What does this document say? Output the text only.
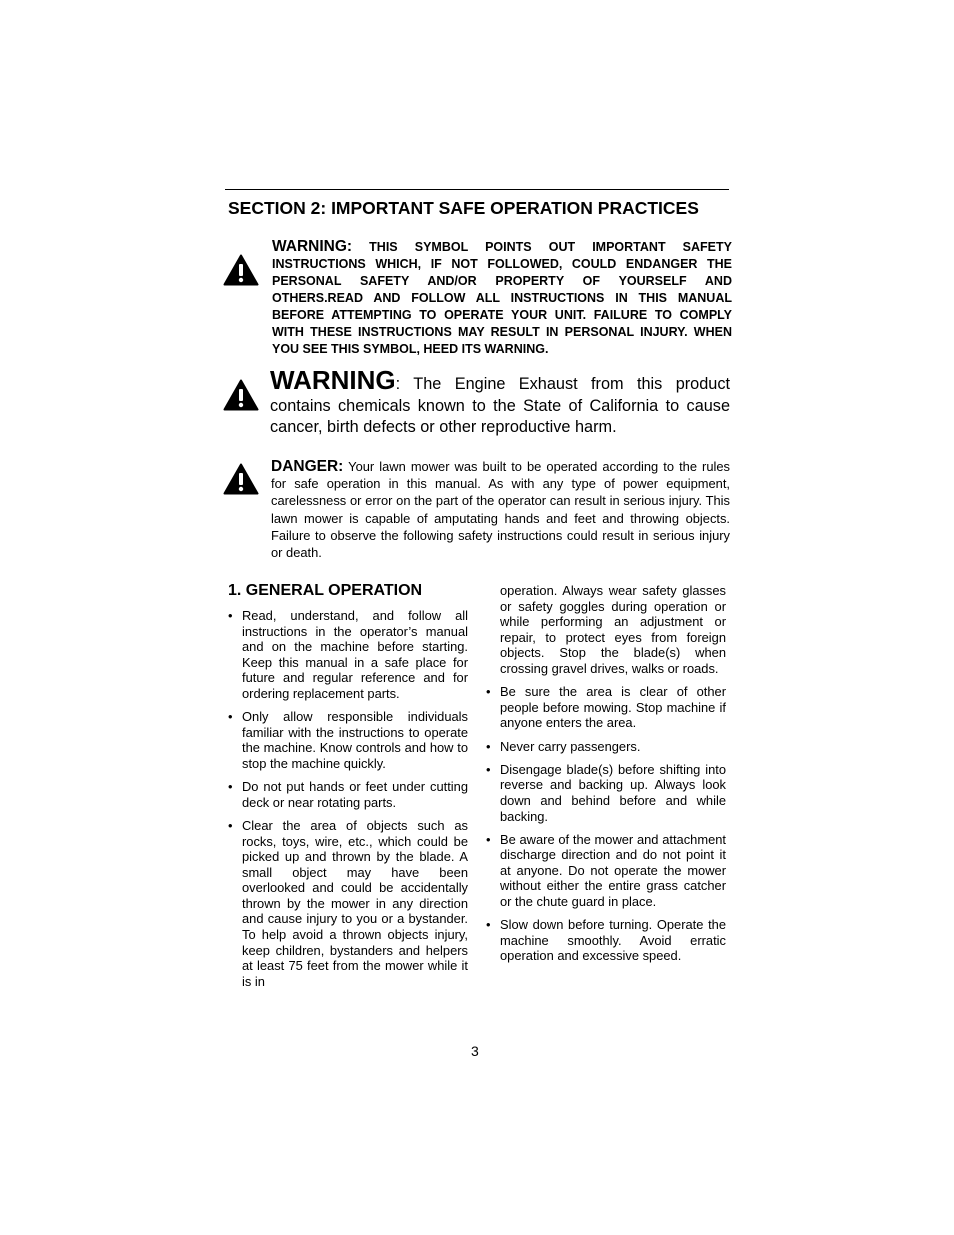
SECTION 2: IMPORTANT SAFE OPERATION PRACTICES
WARNING: THIS SYMBOL POINTS OUT IMPORTANT SAFETY INSTRUCTIONS WHICH, IF NOT FOLLOWED, COULD ENDANGER THE PERSONAL SAFETY AND/OR PROPERTY OF YOURSELF AND OTHERS.READ AND FOLLOW ALL INSTRUCTIONS IN THIS MANUAL BEFORE ATTEMPTING TO OPERATE YOUR UNIT. FAILURE TO COMPLY WITH THESE INSTRUCTIONS MAY RESULT IN PERSONAL INJURY. WHEN YOU SEE THIS SYMBOL, HEED ITS WARNING.
WARNING: The Engine Exhaust from this product contains chemicals known to the State of California to cause cancer, birth defects or other reproductive harm.
DANGER: Your lawn mower was built to be operated according to the rules for safe operation in this manual. As with any type of power equipment, carelessness or error on the part of the operator can result in serious injury. This lawn mower is capable of amputating hands and feet and throwing objects. Failure to observe the following safety instructions could result in serious injury or death.
1. GENERAL OPERATION
• Read, understand, and follow all instructions in the operator’s manual and on the machine before starting. Keep this manual in a safe place for future and regular reference and for ordering replacement parts.
• Only allow responsible individuals familiar with the instructions to operate the machine. Know controls and how to stop the machine quickly.
• Do not put hands or feet under cutting deck or near rotating parts.
• Clear the area of objects such as rocks, toys, wire, etc., which could be picked up and thrown by the blade. A small object may have been overlooked and could be accidentally thrown by the mower in any direction and cause injury to you or a bystander. To help avoid a thrown objects injury, keep children, bystanders and helpers at least 75 feet from the mower while it is in
operation. Always wear safety glasses or safety goggles during operation or while performing an adjustment or repair, to protect eyes from foreign objects. Stop the blade(s) when crossing gravel drives, walks or roads.
• Be sure the area is clear of other people before mowing. Stop machine if anyone enters the area.
• Never carry passengers.
• Disengage blade(s) before shifting into reverse and backing up. Always look down and behind before and while backing.
• Be aware of the mower and attachment discharge direction and do not point it at anyone. Do not operate the mower without either the entire grass catcher or the chute guard in place.
• Slow down before turning. Operate the machine smoothly. Avoid erratic operation and excessive speed.
3
